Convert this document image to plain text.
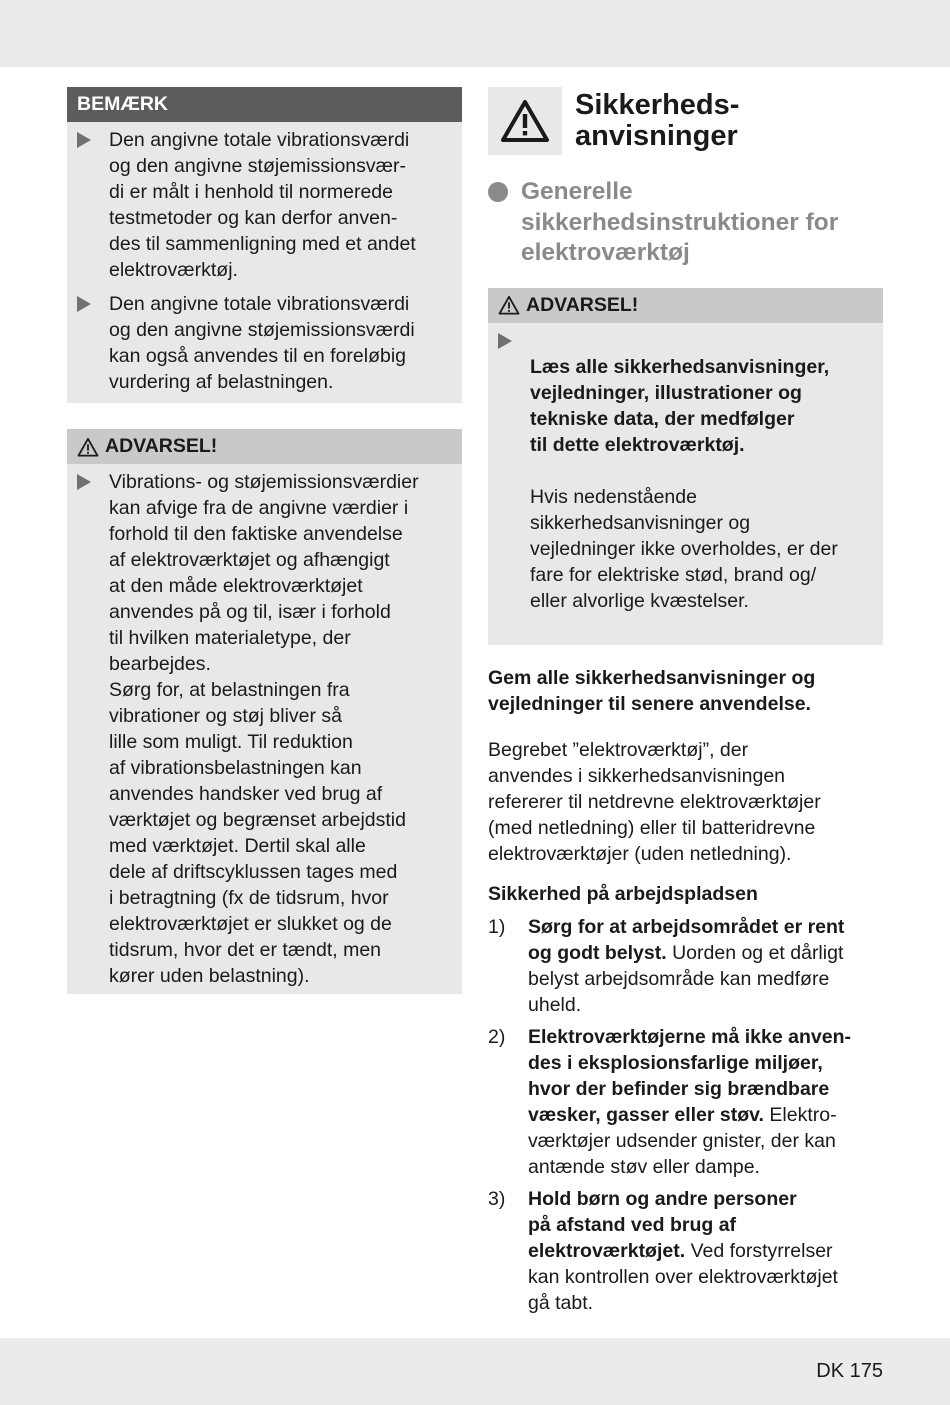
BEMÆRK
Den angivne totale vibrationsværdi
og den angivne støjemissionsvær-
di er målt i henhold til normerede
testmetoder og kan derfor anven-
des til sammenligning med et andet
elektroværktøj.
Den angivne totale vibrationsværdi
og den angivne støjemissionsværdi
kan også anvendes til en foreløbig
vurdering af belastningen.
ADVARSEL!
Vibrations- og støjemissionsværdier
kan afvige fra de angivne værdier i
forhold til den faktiske anvendelse
af elektroværktøjet og afhængigt
at den måde elektroværktøjet
anvendes på og til, især i forhold
til hvilken materialetype, der
bearbejdes.
Sørg for, at belastningen fra
vibrationer og støj bliver så
lille som muligt. Til reduktion
af vibrationsbelastningen kan
anvendes handsker ved brug af
værktøjet og begrænset arbejdstid
med værktøjet. Dertil skal alle
dele af driftscyklussen tages med
i betragtning (fx de tidsrum, hvor
elektroværktøjet er slukket og de
tidsrum, hvor det er tændt, men
kører uden belastning).
Sikkerheds-
anvisninger
Generelle
sikkerhedsinstruktioner for
elektroværktøj
ADVARSEL!

Læs alle sikkerhedsanvisninger,
vejledninger, illustrationer og
tekniske data, der medfølger
til dette elektroværktøj.

Hvis nedenstående
sikkerhedsanvisninger og
vejledninger ikke overholdes, er der
fare for elektriske stød, brand og/
eller alvorlige kvæstelser.

Gem alle sikkerhedsanvisninger og
vejledninger til senere anvendelse.
Begrebet ”elektroværktøj”, der
anvendes i sikkerhedsanvisningen
refererer til netdrevne elektroværktøjer
(med netledning) eller til batteridrevne
elektroværktøjer (uden netledning).
Sikkerhed på arbejdspladsen
1)	Sørg for at arbejdsområdet er rent
og godt belyst. Uorden og et dårligt
belyst arbejdsområde kan medføre
uheld.
2)	Elektroværktøjerne må ikke anven-
des i eksplosionsfarlige miljøer,
hvor der befinder sig brændbare
væsker, gasser eller støv. Elektro-
værktøjer udsender gnister, der kan
antænde støv eller dampe.
3)	Hold børn og andre personer
på afstand ved brug af
elektroværktøjet. Ved forstyrrelser
kan kontrollen over elektroværktøjet
gå tabt.
DK 175
